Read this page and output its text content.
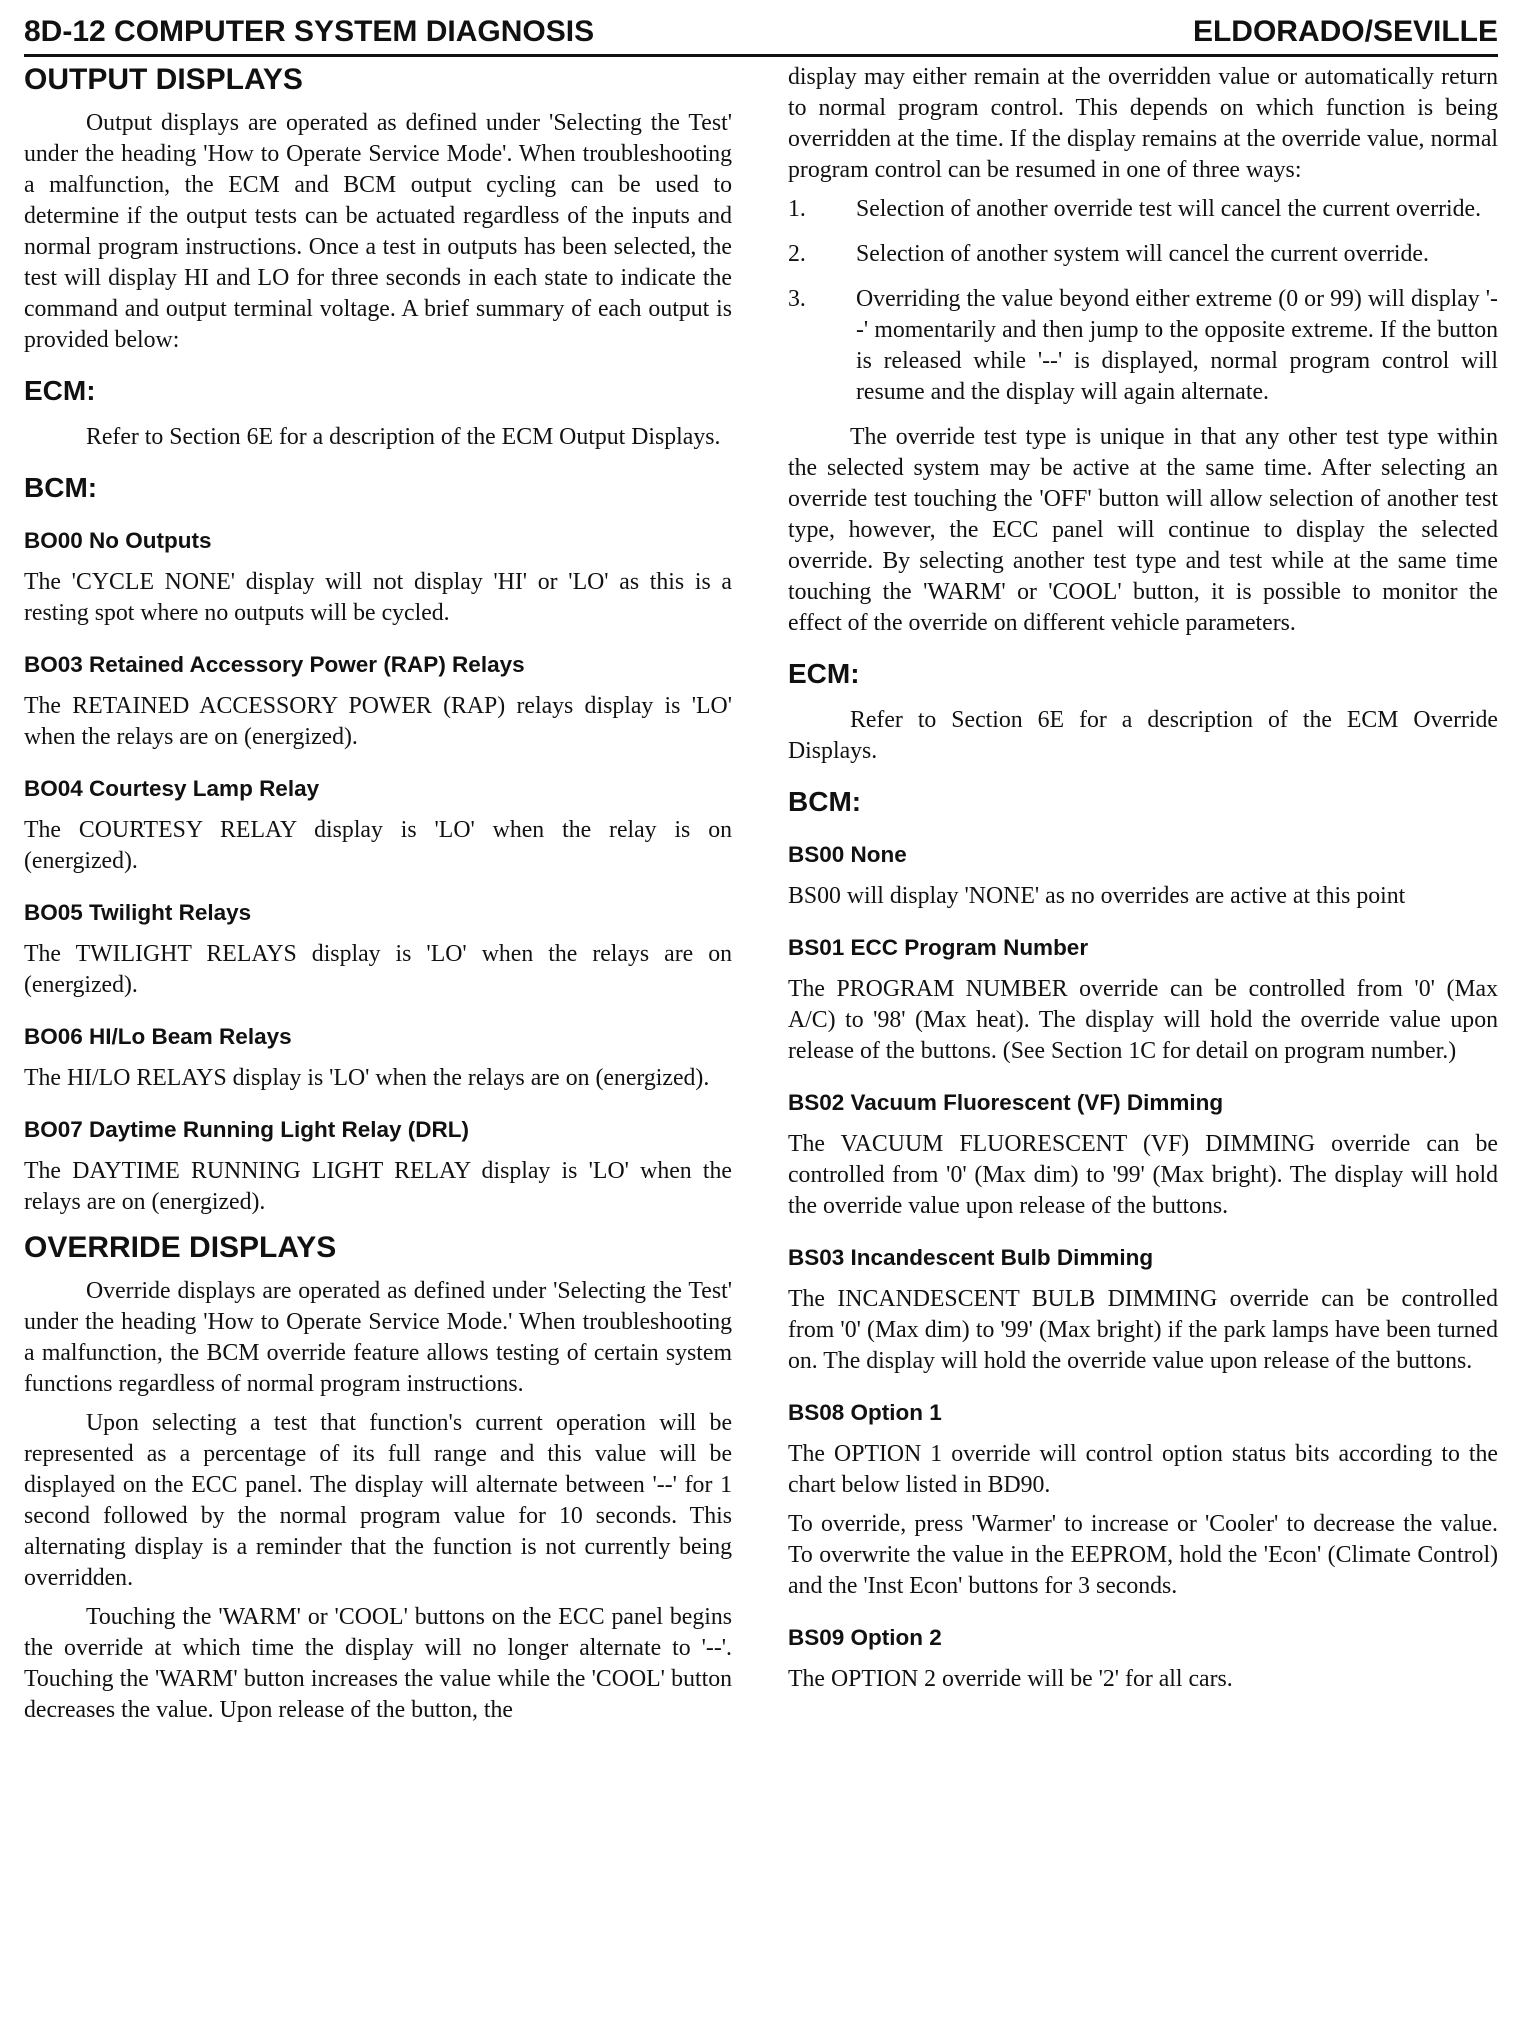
8D-12 COMPUTER SYSTEM DIAGNOSIS	ELDORADO/SEVILLE
OUTPUT DISPLAYS

Output displays are operated as defined under 'Selecting the Test' under the heading 'How to Operate Service Mode'. When troubleshooting a malfunction, the ECM and BCM output cycling can be used to determine if the output tests can be actuated regardless of the inputs and normal program instructions. Once a test in outputs has been selected, the test will display HI and LO for three seconds in each state to indicate the command and output terminal voltage. A brief summary of each output is provided below:

ECM:

Refer to Section 6E for a description of the ECM Output Displays.

BCM:
BO00 No Outputs

The 'CYCLE NONE' display will not display 'HI' or 'LO' as this is a resting spot where no outputs will be cycled.

BO03 Retained Accessory Power (RAP) Relays

The RETAINED ACCESSORY POWER (RAP) relays display is 'LO' when the relays are on (energized).

BO04 Courtesy Lamp Relay

The COURTESY RELAY display is 'LO' when the relay is on (energized).

BO05 Twilight Relays

The TWILIGHT RELAYS display is 'LO' when the relays are on (energized).

BO06 HI/Lo Beam Relays

The HI/LO RELAYS display is 'LO' when the relays are on (energized).

BO07 Daytime Running Light Relay (DRL)

The DAYTIME RUNNING LIGHT RELAY display is 'LO' when the relays are on (energized).

OVERRIDE DISPLAYS

Override displays are operated as defined under 'Selecting the Test' under the heading 'How to Operate Service Mode.' When troubleshooting a malfunction, the BCM override feature allows testing of certain system functions regardless of normal program instructions.

Upon selecting a test that function's current operation will be represented as a percentage of its full range and this value will be displayed on the ECC panel. The display will alternate between '--' for 1 second followed by the normal program value for 10 seconds. This alternating display is a reminder that the function is not currently being overridden.

Touching the 'WARM' or 'COOL' buttons on the ECC panel begins the override at which time the display will no longer alternate to '--'. Touching the 'WARM' button increases the value while the 'COOL' button decreases the value. Upon release of the button, the

display may either remain at the overridden value or automatically return to normal program control. This depends on which function is being overridden at the time. If the display remains at the override value, normal program control can be resumed in one of three ways:

1.	Selection of another override test will cancel the current override.
2.	Selection of another system will cancel the current override.
3.	Overriding the value beyond either extreme (0 or 99) will display '--' momentarily and then jump to the opposite extreme. If the button is released while '--' is displayed, normal program control will resume and the display will again alternate.

The override test type is unique in that any other test type within the selected system may be active at the same time. After selecting an override test touching the 'OFF' button will allow selection of another test type, however, the ECC panel will continue to display the selected override. By selecting another test type and test while at the same time touching the 'WARM' or 'COOL' button, it is possible to monitor the effect of the override on different vehicle parameters.

ECM:

Refer to Section 6E for a description of the ECM Override Displays.

BCM:
BS00 None

BS00 will display 'NONE' as no overrides are active at this point

BS01 ECC Program Number

The PROGRAM NUMBER override can be controlled from '0' (Max A/C) to '98' (Max heat). The display will hold the override value upon release of the buttons. (See Section 1C for detail on program number.)

BS02 Vacuum Fluorescent (VF) Dimming

The VACUUM FLUORESCENT (VF) DIMMING override can be controlled from '0' (Max dim) to '99' (Max bright). The display will hold the override value upon release of the buttons.

BS03 Incandescent Bulb Dimming

The INCANDESCENT BULB DIMMING override can be controlled from '0' (Max dim) to '99' (Max bright) if the park lamps have been turned on. The display will hold the override value upon release of the buttons.

BS08 Option 1

The OPTION 1 override will control option status bits according to the chart below listed in BD90.

To override, press 'Warmer' to increase or 'Cooler' to decrease the value. To overwrite the value in the EEPROM, hold the 'Econ' (Climate Control) and the 'Inst Econ' buttons for 3 seconds.

BS09 Option 2

The OPTION 2 override will be '2' for all cars.
